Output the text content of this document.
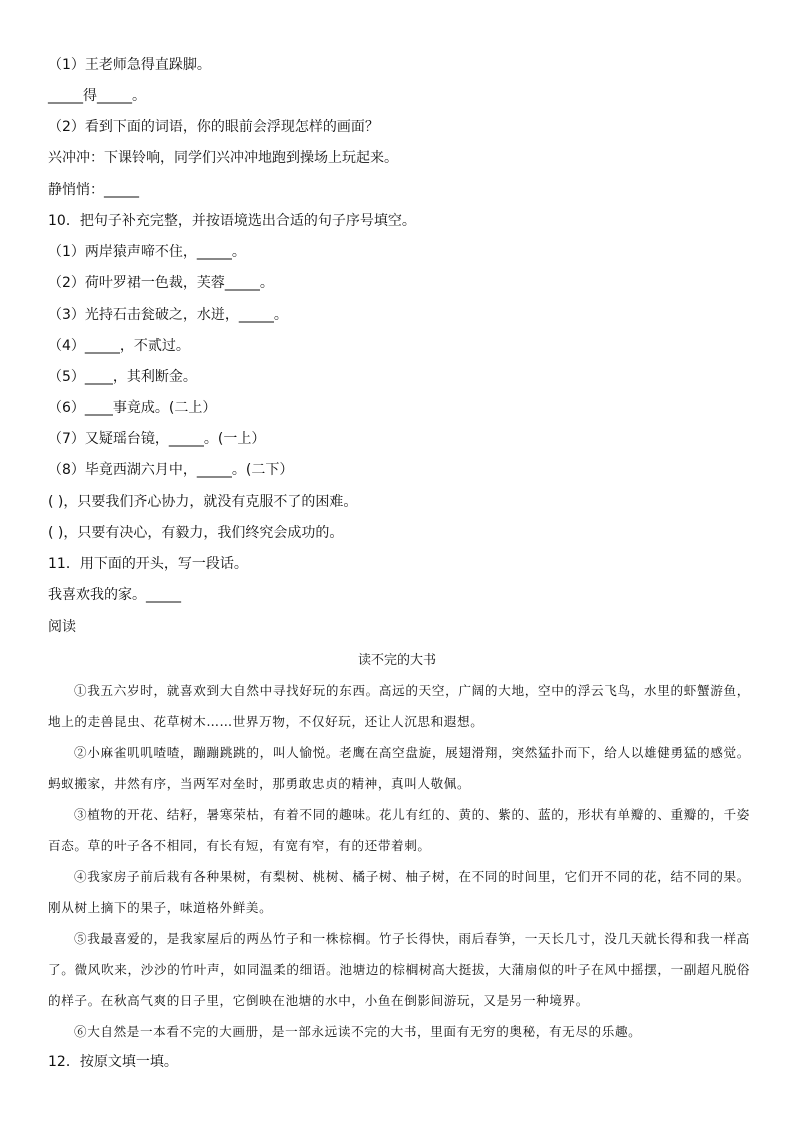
（1）王老师急得直跺脚。
_____得_____。
（2）看到下面的词语，你的眼前会浮现怎样的画面？
兴冲冲：下课铃响，同学们兴冲冲地跑到操场上玩起来。
静悄悄：_____
10．把句子补充完整，并按语境选出合适的句子序号填空。
（1）两岸猿声啼不住，_____。
（2）荷叶罗裙一色裁，芙蓉_____。
（3）光持石击瓮破之，水迸，_____。
（4）_____，不贰过。
（5）____，其利断金。
（6）____事竟成。(二上）
（7）又疑瑶台镜，_____。(一上）
（8）毕竟西湖六月中，_____。(二下）
( )，只要我们齐心协力，就没有克服不了的困难。
( )，只要有决心，有毅力，我们终究会成功的。
11．用下面的开头，写一段话。
我喜欢我的家。_____
阅读
读不完的大书
①我五六岁时，就喜欢到大自然中寻找好玩的东西。高远的天空，广阔的大地，空中的浮云飞鸟，水里的虾蟹游鱼，地上的走兽昆虫、花草树木……世界万物，不仅好玩，还让人沉思和遐想。
②小麻雀叽叽喳喳，蹦蹦跳跳的，叫人愉悦。老鹰在高空盘旋，展翅滑翔，突然猛扑而下，给人以雄健勇猛的感觉。蚂蚁搬家，井然有序，当两军对垒时，那勇敢忠贞的精神，真叫人敬佩。
③植物的开花、结籽，暑寒荣枯，有着不同的趣味。花儿有红的、黄的、紫的、蓝的，形状有单瓣的、重瓣的，千姿百态。草的叶子各不相同，有长有短，有宽有窄，有的还带着刺。
④我家房子前后栽有各种果树，有梨树、桃树、橘子树、柚子树，在不同的时间里，它们开不同的花，结不同的果。刚从树上摘下的果子，味道格外鲜美。
⑤我最喜爱的，是我家屋后的两丛竹子和一株棕榈。竹子长得快，雨后春笋，一天长几寸，没几天就长得和我一样高了。微风吹来，沙沙的竹叶声，如同温柔的细语。池塘边的棕榈树高大挺拔，大蒲扇似的叶子在风中摇摆，一副超凡脱俗的样子。在秋高气爽的日子里，它倒映在池塘的水中，小鱼在倒影间游玩，又是另一种境界。
⑥大自然是一本看不完的大画册，是一部永远读不完的大书，里面有无穷的奥秘，有无尽的乐趣。
12．按原文填一填。
